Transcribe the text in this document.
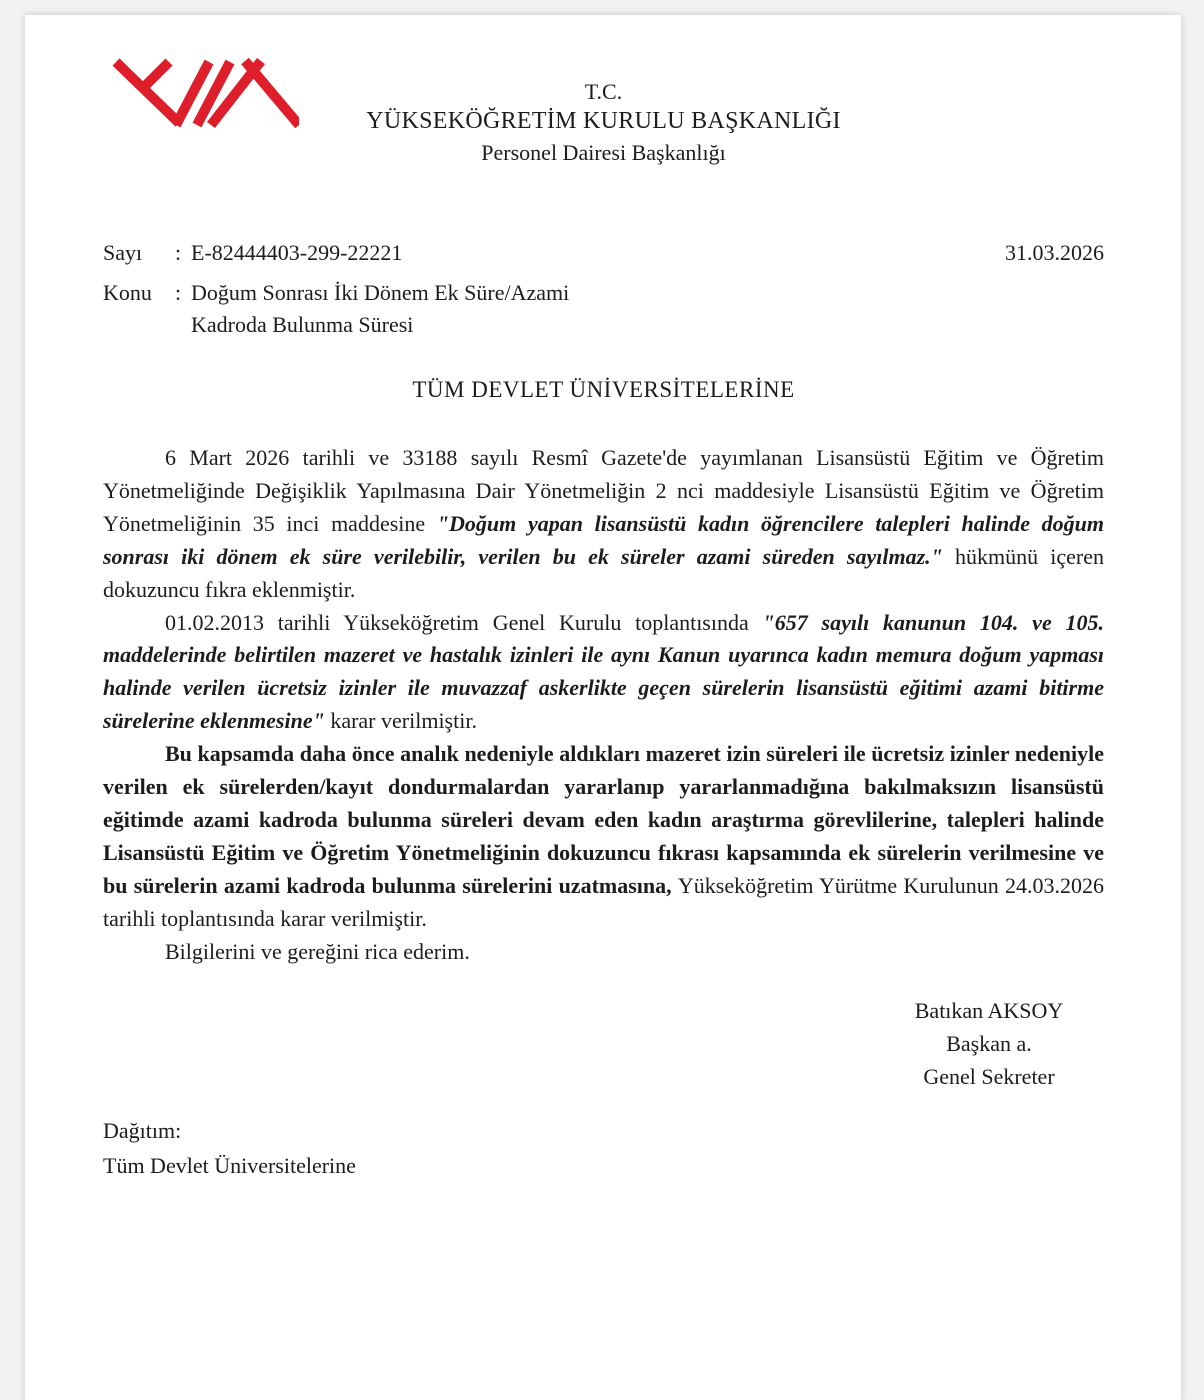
T.C.
YÜKSEKÖĞRETİM KURULU BAŞKANLIĞI
Personel Dairesi Başkanlığı
Sayı	: E-82444403-299-22221	31.03.2026
Konu	: Doğum Sonrası İki Dönem Ek Süre/Azami Kadroda Bulunma Süresi
TÜM DEVLET ÜNİVERSİTELERİNE

6 Mart 2026 tarihli ve 33188 sayılı Resmî Gazete'de yayımlanan Lisansüstü Eğitim ve Öğretim Yönetmeliğinde Değişiklik Yapılmasına Dair Yönetmeliğin 2 nci maddesiyle Lisansüstü Eğitim ve Öğretim Yönetmeliğinin 35 inci maddesine "Doğum yapan lisansüstü kadın öğrencilere talepleri halinde doğum sonrası iki dönem ek süre verilebilir, verilen bu ek süreler azami süreden sayılmaz." hükmünü içeren dokuzuncu fıkra eklenmiştir.

01.02.2013 tarihli Yükseköğretim Genel Kurulu toplantısında "657 sayılı kanunun 104. ve 105. maddelerinde belirtilen mazeret ve hastalık izinleri ile aynı Kanun uyarınca kadın memura doğum yapması halinde verilen ücretsiz izinler ile muvazzaf askerlikte geçen sürelerin lisansüstü eğitimi azami bitirme sürelerine eklenmesine" karar verilmiştir.

Bu kapsamda daha önce analık nedeniyle aldıkları mazeret izin süreleri ile ücretsiz izinler nedeniyle verilen ek sürelerden/kayıt dondurmalardan yararlanıp yararlanmadığına bakılmaksızın lisansüstü eğitimde azami kadroda bulunma süreleri devam eden kadın araştırma görevlilerine, talepleri halinde Lisansüstü Eğitim ve Öğretim Yönetmeliğinin dokuzuncu fıkrası kapsamında ek sürelerin verilmesine ve bu sürelerin azami kadroda bulunma sürelerini uzatmasına, Yükseköğretim Yürütme Kurulunun 24.03.2026 tarihli toplantısında karar verilmiştir.

Bilgilerini ve gereğini rica ederim.

Batıkan AKSOY
Başkan a.
Genel Sekreter
Dağıtım:
Tüm Devlet Üniversitelerine
